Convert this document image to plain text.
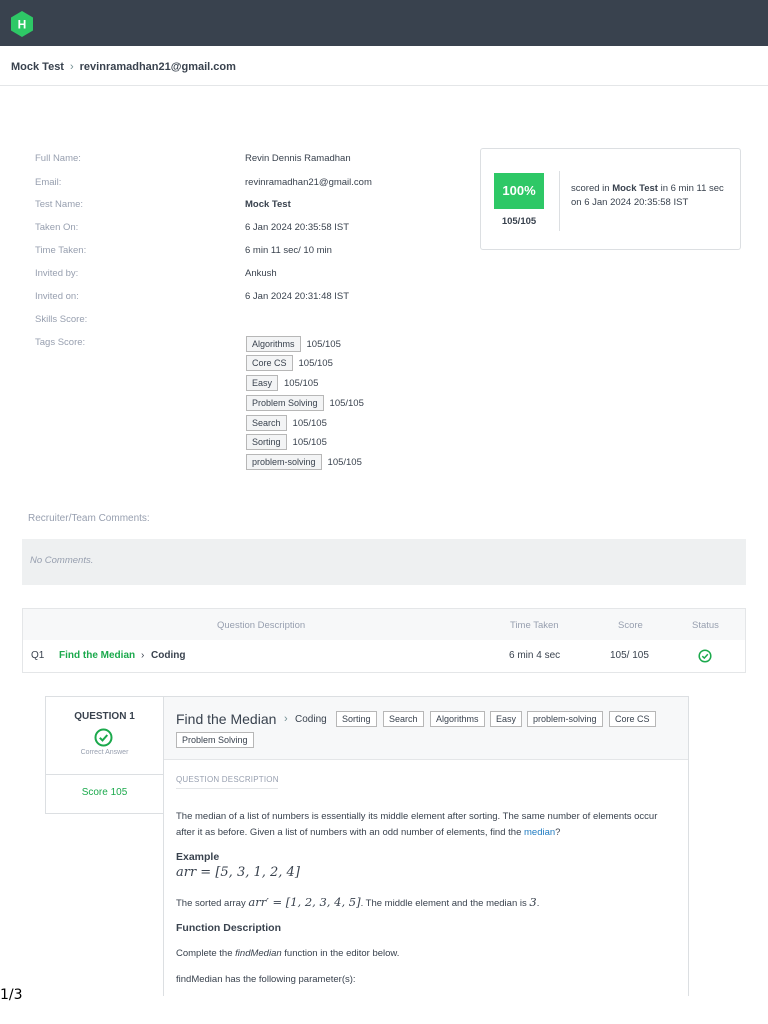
H
Mock Test › revinramadhan21@gmail.com
Full Name:	Revin Dennis Ramadhan
Email:	revinramadhan21@gmail.com
Test Name:	Mock Test
Taken On:	6 Jan 2024 20:35:58 IST
Time Taken:	6 min 11 sec/ 10 min
Invited by:	Ankush
Invited on:	6 Jan 2024 20:31:48 IST
Skills Score:
Tags Score:	Algorithms	105/105
Core CS	105/105
Easy	105/105
Problem Solving	105/105
Search	105/105
Sorting	105/105
problem-solving	105/105
100%
105/105
scored in Mock Test in 6 min 11 sec on 6 Jan 2024 20:35:58 IST
Recruiter/Team Comments:
No Comments.
Question Description	Time Taken	Score	Status
Q1 Find the Median › Coding	6 min 4 sec	105/ 105
QUESTION 1
Correct Answer
Score 105
Find the Median › Coding	Sorting	Search	Algorithms	Easy	problem-solving	Core CS
Problem Solving
QUESTION DESCRIPTION
The median of a list of numbers is essentially its middle element after sorting. The same number of elements occur after it as before. Given a list of numbers with an odd number of elements, find the median?
Example
arr = [5, 3, 1, 2, 4]
The sorted array arr′ = [1, 2, 3, 4, 5]. The middle element and the median is 3.
Function Description
Complete the findMedian function in the editor below.
findMedian has the following parameter(s):
1/3
